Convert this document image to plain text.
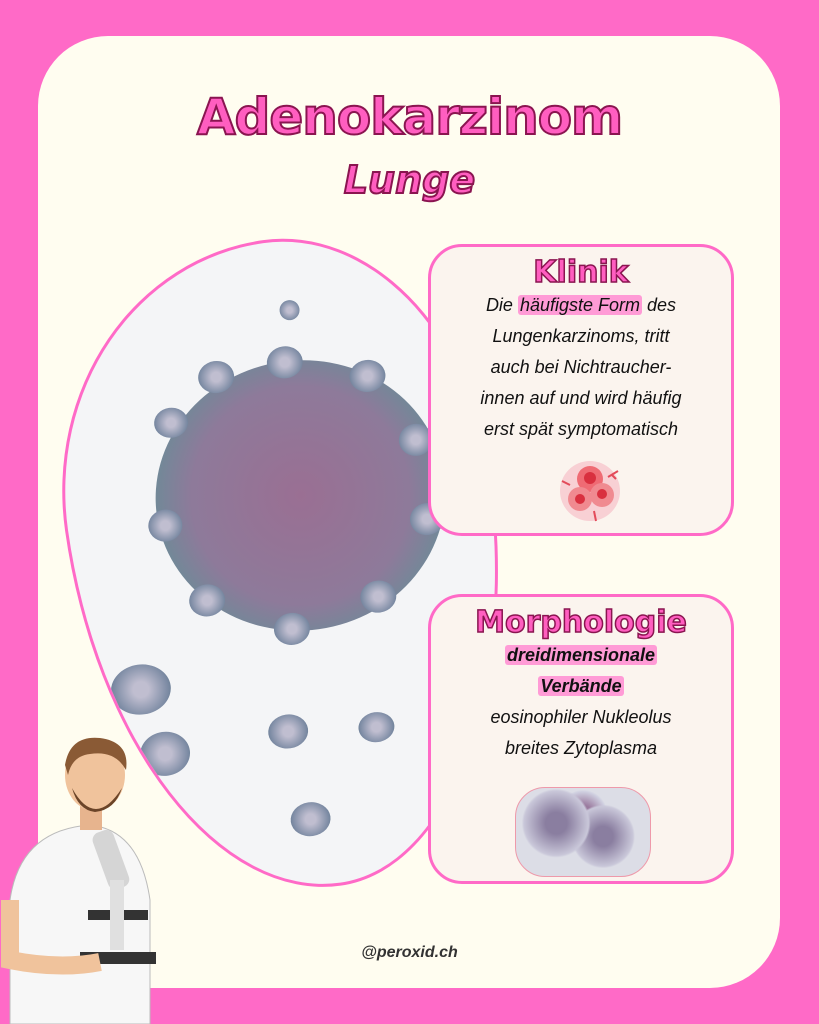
Adenokarzinom
Lunge
Klinik
Die häufigste Form des
Lungenkarzinoms, tritt
auch bei Nichtraucher-
innen auf und wird häufig
erst spät symptomatisch
Morphologie
dreidimensionale
Verbände
eosinophiler Nukleolus
breites Zytoplasma
@peroxid.ch
